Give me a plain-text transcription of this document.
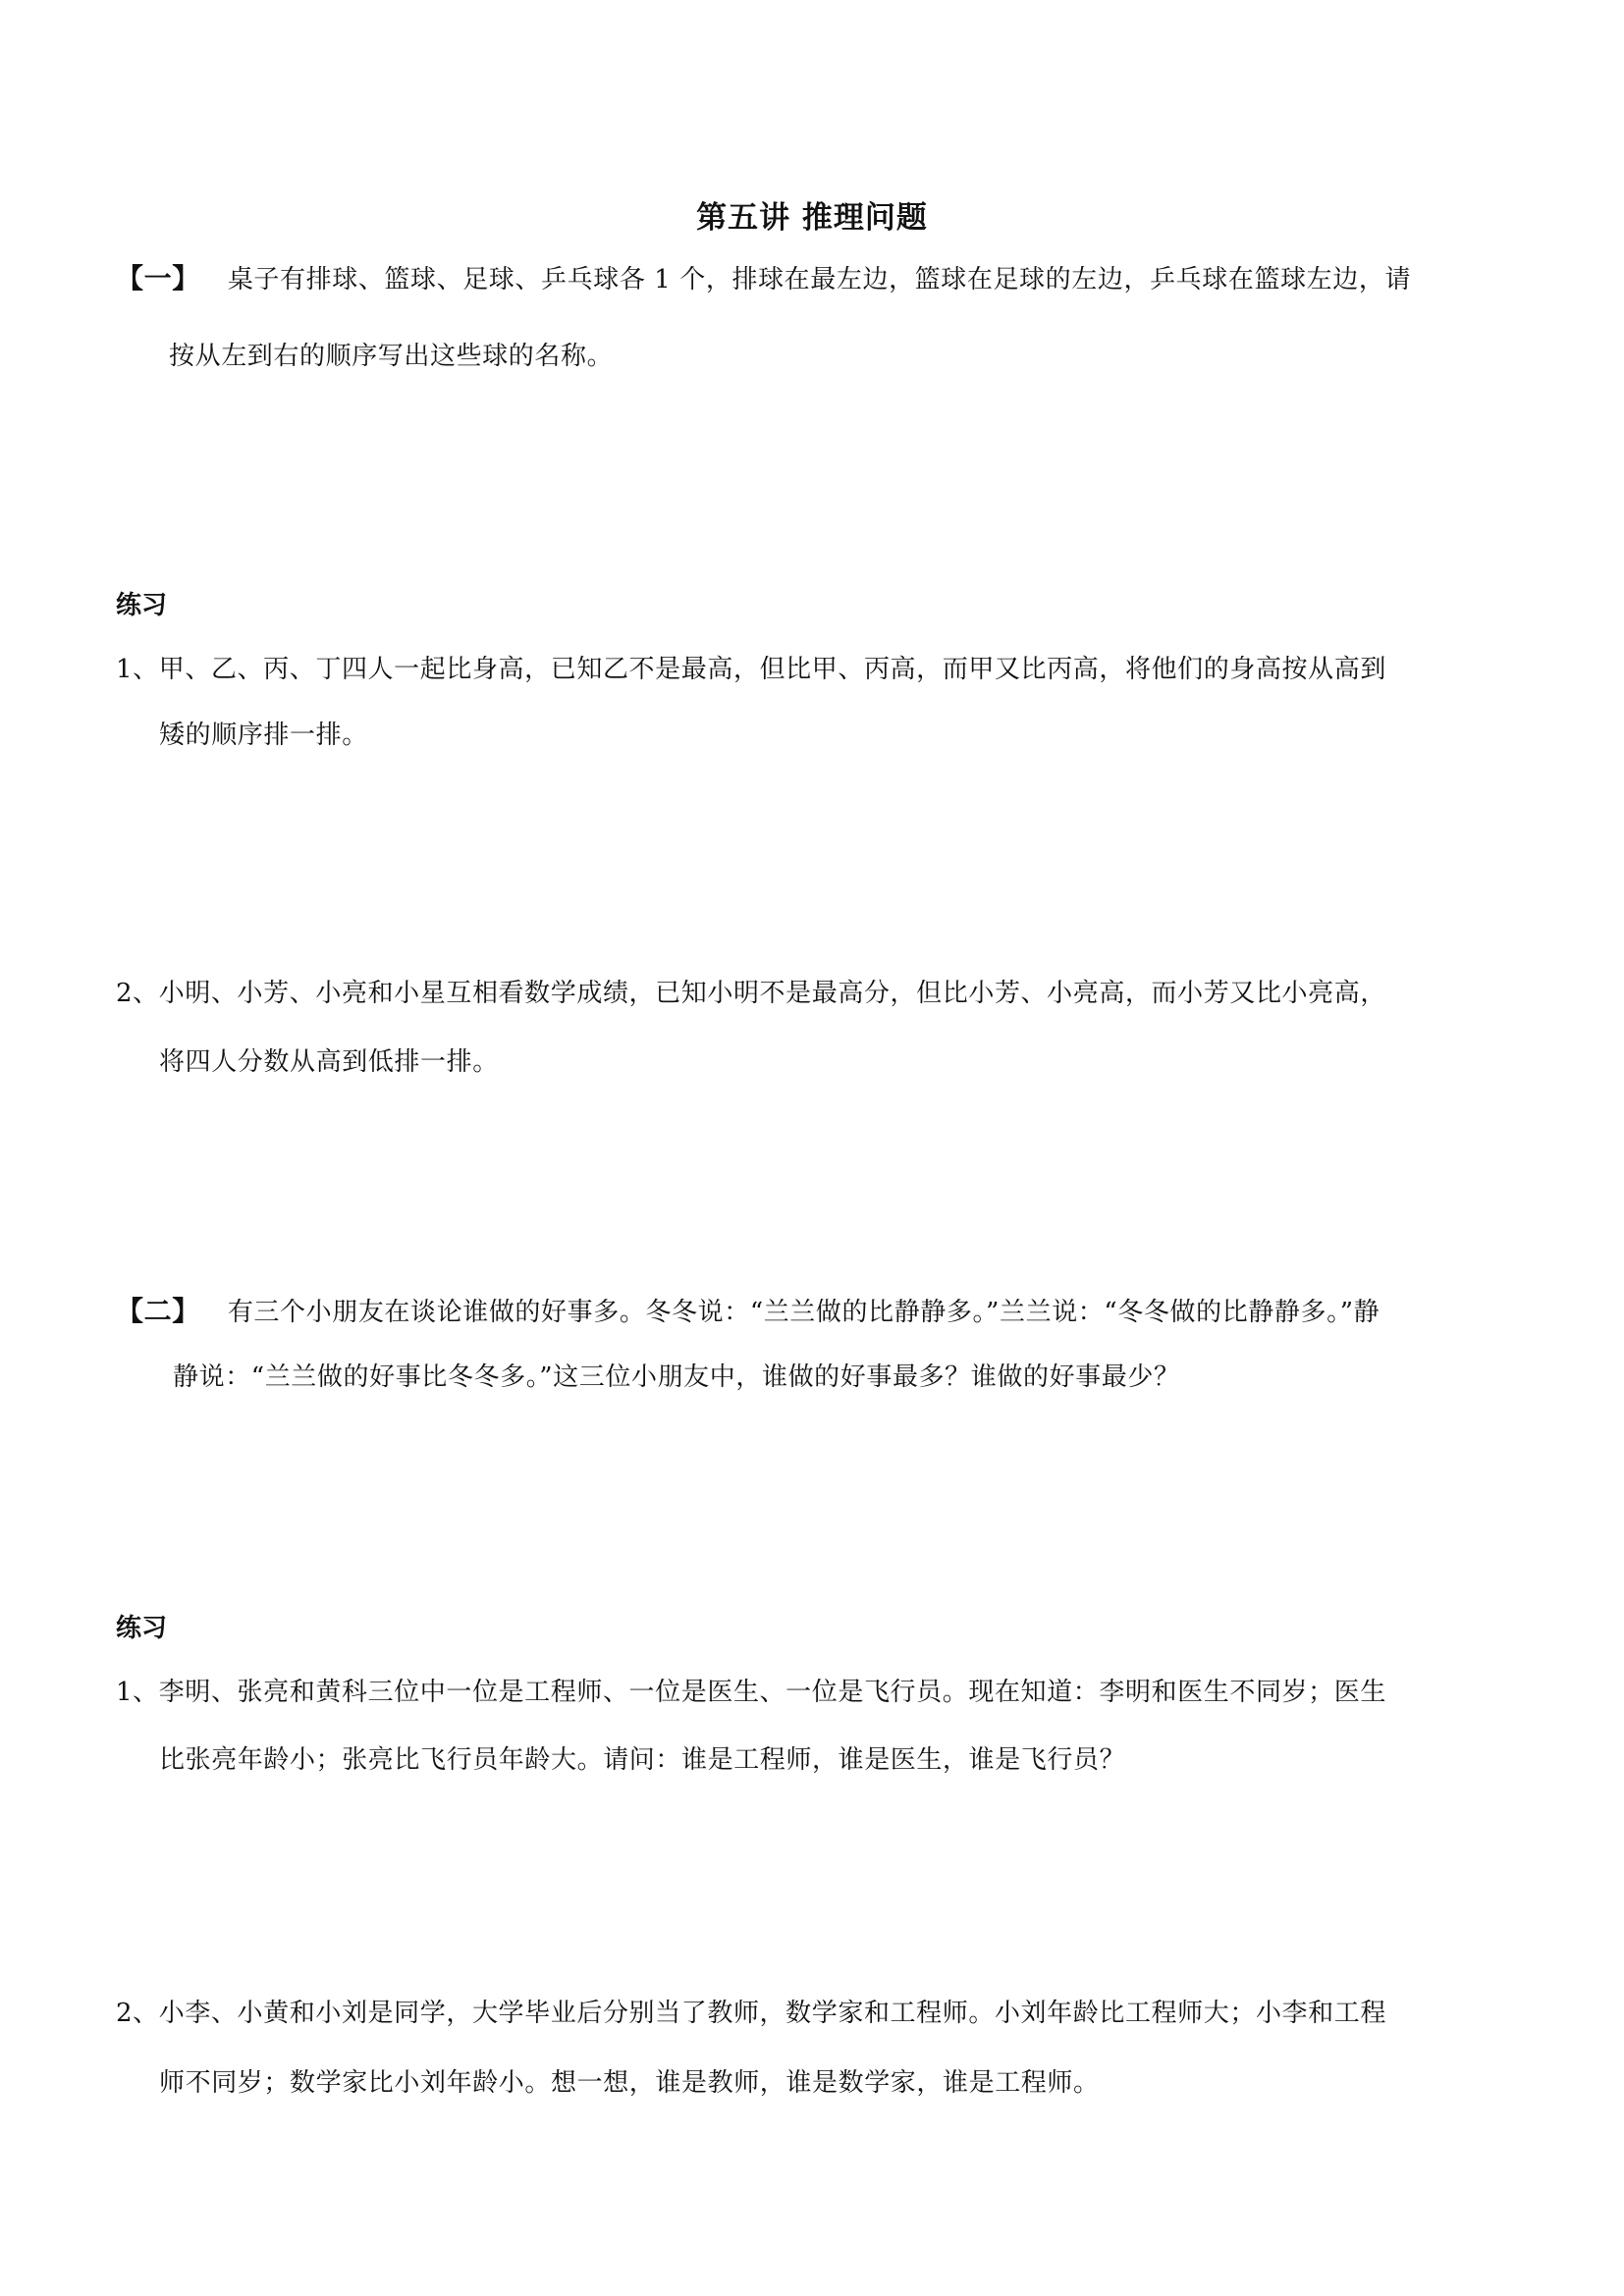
第五讲 推理问题
【一】 桌子有排球、篮球、足球、乒乓球各 1 个，排球在最左边，篮球在足球的左边，乒乓球在篮球左边，请
按从左到右的顺序写出这些球的名称。
练习
1、甲、乙、丙、丁四人一起比身高，已知乙不是最高，但比甲、丙高，而甲又比丙高，将他们的身高按从高到
矮的顺序排一排。
2、小明、小芳、小亮和小星互相看数学成绩，已知小明不是最高分，但比小芳、小亮高，而小芳又比小亮高，
将四人分数从高到低排一排。
【二】 有三个小朋友在谈论谁做的好事多。冬冬说：“兰兰做的比静静多。”兰兰说：“冬冬做的比静静多。”静
静说：“兰兰做的好事比冬冬多。”这三位小朋友中，谁做的好事最多？谁做的好事最少？
练习
1、李明、张亮和黄科三位中一位是工程师、一位是医生、一位是飞行员。现在知道：李明和医生不同岁；医生
比张亮年龄小；张亮比飞行员年龄大。请问：谁是工程师，谁是医生，谁是飞行员？
2、小李、小黄和小刘是同学，大学毕业后分别当了教师，数学家和工程师。小刘年龄比工程师大；小李和工程
师不同岁；数学家比小刘年龄小。想一想，谁是教师，谁是数学家，谁是工程师。
